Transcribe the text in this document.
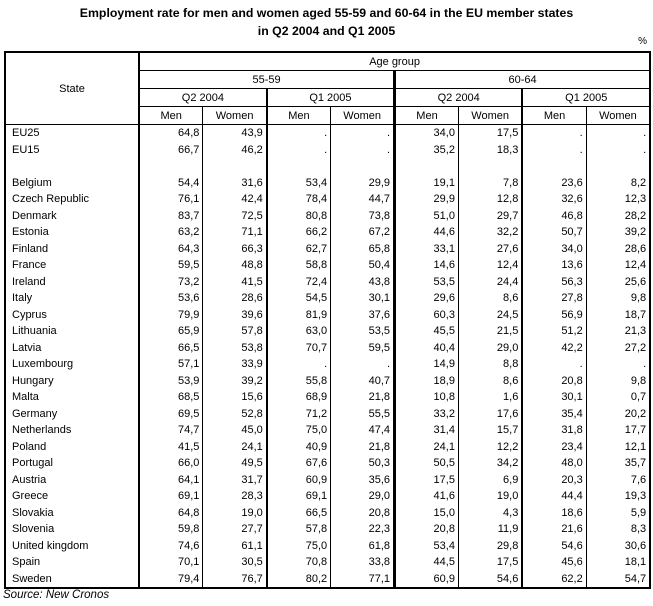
Employment rate for men and women aged 55-59 and 60-64 in the EU member states
in Q2 2004 and Q1 2005
%
State	Age group							
	55-59				60-64			
	Q2 2004		Q1 2005		Q2 2004		Q1 2005	
	Men	Women	Men	Women	Men	Women	Men	Women
EU25	64,8	43,9	.	.	34,0	17,5	.	.
EU15	66,7	46,2	.	.	35,2	18,3	.	.

Belgium	54,4	31,6	53,4	29,9	19,1	7,8	23,6	8,2
Czech Republic	76,1	42,4	78,4	44,7	29,9	12,8	32,6	12,3
Denmark	83,7	72,5	80,8	73,8	51,0	29,7	46,8	28,2
Estonia	63,2	71,1	66,2	67,2	44,6	32,2	50,7	39,2
Finland	64,3	66,3	62,7	65,8	33,1	27,6	34,0	28,6
France	59,5	48,8	58,8	50,4	14,6	12,4	13,6	12,4
Ireland	73,2	41,5	72,4	43,8	53,5	24,4	56,3	25,6
Italy	53,6	28,6	54,5	30,1	29,6	8,6	27,8	9,8
Cyprus	79,9	39,6	81,9	37,6	60,3	24,5	56,9	18,7
Lithuania	65,9	57,8	63,0	53,5	45,5	21,5	51,2	21,3
Latvia	66,5	53,8	70,7	59,5	40,4	29,0	42,2	27,2
Luxembourg	57,1	33,9	.	.	14,9	8,8	.	.
Hungary	53,9	39,2	55,8	40,7	18,9	8,6	20,8	9,8
Malta	68,5	15,6	68,9	21,8	10,8	1,6	30,1	0,7
Germany	69,5	52,8	71,2	55,5	33,2	17,6	35,4	20,2
Netherlands	74,7	45,0	75,0	47,4	31,4	15,7	31,8	17,7
Poland	41,5	24,1	40,9	21,8	24,1	12,2	23,4	12,1
Portugal	66,0	49,5	67,6	50,3	50,5	34,2	48,0	35,7
Austria	64,1	31,7	60,9	35,6	17,5	6,9	20,3	7,6
Greece	69,1	28,3	69,1	29,0	41,6	19,0	44,4	19,3
Slovakia	64,8	19,0	66,5	20,8	15,0	4,3	18,6	5,9
Slovenia	59,8	27,7	57,8	22,3	20,8	11,9	21,6	8,3
United kingdom	74,6	61,1	75,0	61,8	53,4	29,8	54,6	30,6
Spain	70,1	30,5	70,8	33,8	44,5	17,5	45,6	18,1
Sweden	79,4	76,7	80,2	77,1	60,9	54,6	62,2	54,7
Source: New Cronos
